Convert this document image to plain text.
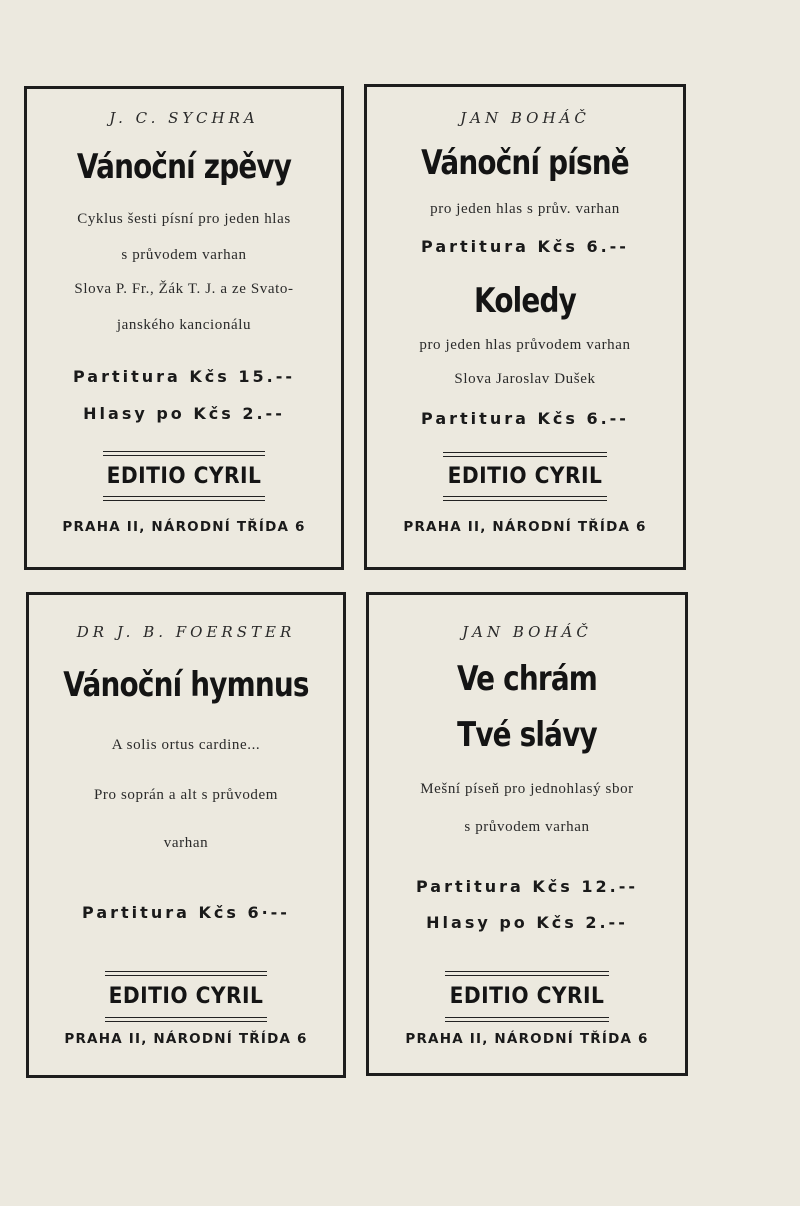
J. C. SYCHRA

Vánoční zpěvy

Cyklus šesti písní pro jeden hlas

s průvodem varhan

Slova P. Fr., Žák T. J. a ze Svato-

janského kancionálu

Partitura Kčs 15.--

Hlasy po Kčs 2.--

EDITIO CYRIL

PRAHA II, NÁRODNÍ TŘÍDA 6

JAN BOHÁČ

Vánoční písně

pro jeden hlas s prův. varhan

Partitura Kčs 6.--

Koledy

pro jeden hlas průvodem varhan

Slova Jaroslav Dušek

Partitura Kčs 6.--

EDITIO CYRIL

PRAHA II, NÁRODNÍ TŘÍDA 6

DR J. B. FOERSTER

Vánoční hymnus

A solis ortus cardine...

Pro soprán a alt s průvodem

varhan

Partitura Kčs 6·--

EDITIO CYRIL

PRAHA II, NÁRODNÍ TŘÍDA 6

JAN BOHÁČ

Ve chrám

Tvé slávy

Mešní píseň pro jednohlasý sbor

s průvodem varhan

Partitura Kčs 12.--

Hlasy po Kčs 2.--

EDITIO CYRIL

PRAHA II, NÁRODNÍ TŘÍDA 6
